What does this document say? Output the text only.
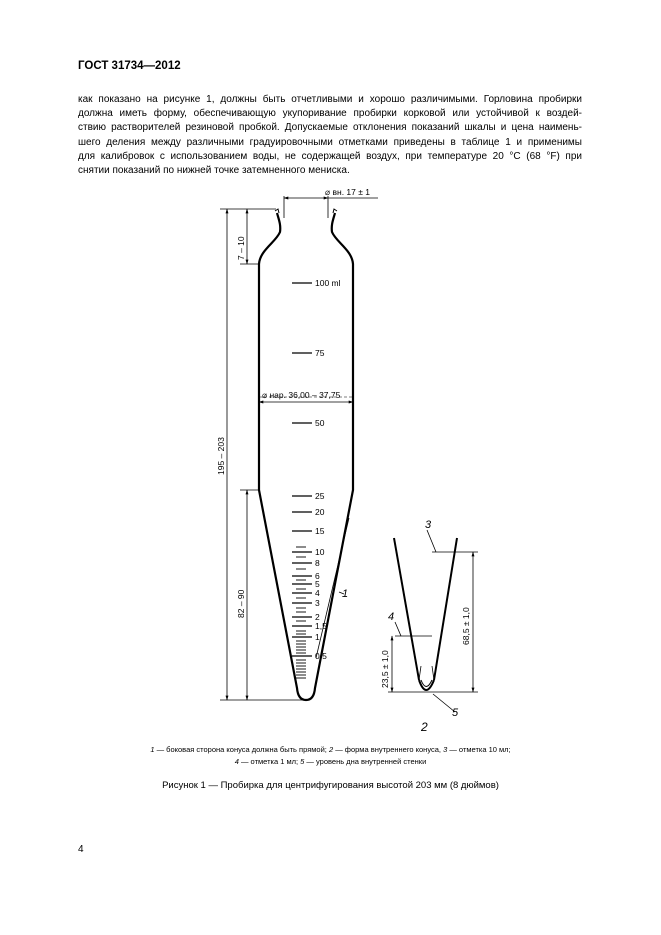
ГОСТ 31734—2012
как показано на рисунке 1, должны быть отчетливыми и хорошо различимыми. Горловина пробирки
должна иметь форму, обеспечивающую укупоривание пробирки корковой или устойчивой к воздей-
ствию растворителей резиновой пробкой. Допускаемые отклонения показаний шкалы и цена наимень-
шего деления между различными градуировочными отметками приведены в таблице 1 и применимы
для калибровок с использованием воды, не содержащей воздух, при температуре 20 °С (68 °F) при
снятии показаний по нижней точке затемненного мениска.
100 ml
75
50
25
20
15
10
8
6
5
4
3
2
1,5
1
0,5
⌀ вн. 17 ± 1
⌀ нар. 36,00 – 37,75
7 – 10
195 – 203
82 – 90	1
68,5 ± 1,0
23,5 ± 1,0
3
4
5
2
1 — боковая сторона конуса должна быть прямой; 2 — форма внутреннего конуса, 3 — отметка 10 мл;
4 — отметка 1 мл; 5 — уровень дна внутренней стенки
Рисунок 1 — Пробирка для центрифугирования высотой 203 мм (8 дюймов)
4
